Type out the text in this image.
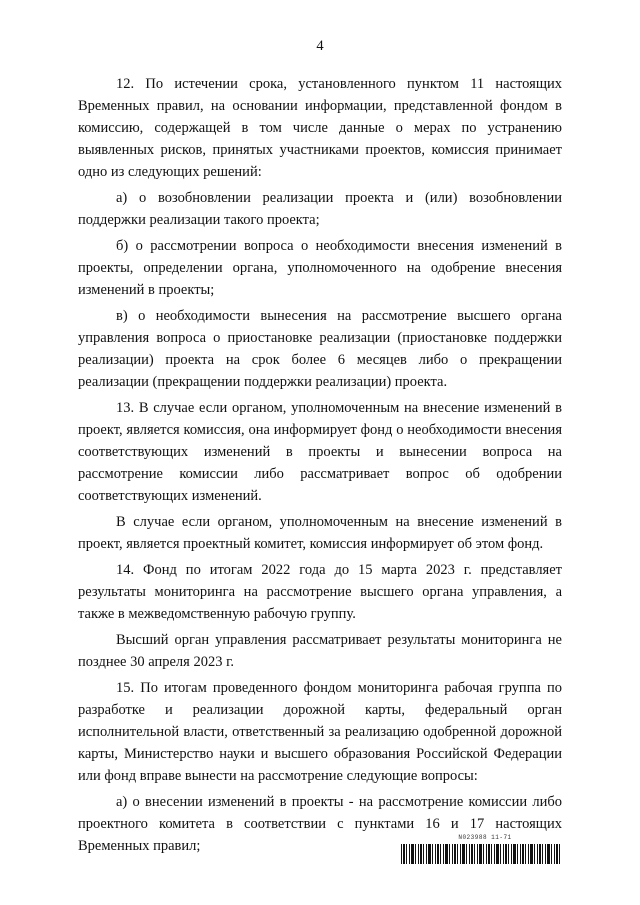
4

12. По истечении срока, установленного пунктом 11 настоящих Временных правил, на основании информации, представленной фондом в комиссию, содержащей в том числе данные о мерах по устранению выявленных рисков, принятых участниками проектов, комиссия принимает одно из следующих решений:

а) о возобновлении реализации проекта и (или) возобновлении поддержки реализации такого проекта;

б) о рассмотрении вопроса о необходимости внесения изменений в проекты, определении органа, уполномоченного на одобрение внесения изменений в проекты;

в) о необходимости вынесения на рассмотрение высшего органа управления вопроса о приостановке реализации (приостановке поддержки реализации) проекта на срок более 6 месяцев либо о прекращении реализации (прекращении поддержки реализации) проекта.

13. В случае если органом, уполномоченным на внесение изменений в проект, является комиссия, она информирует фонд о необходимости внесения соответствующих изменений в проекты и вынесении вопроса на рассмотрение комиссии либо рассматривает вопрос об одобрении соответствующих изменений.

В случае если органом, уполномоченным на внесение изменений в проект, является проектный комитет, комиссия информирует об этом фонд.

14. Фонд по итогам 2022 года до 15 марта 2023 г. представляет результаты мониторинга на рассмотрение высшего органа управления, а также в межведомственную рабочую группу.

Высший орган управления рассматривает результаты мониторинга не позднее 30 апреля 2023 г.

15. По итогам проведенного фондом мониторинга рабочая группа по разработке и реализации дорожной карты, федеральный орган исполнительной власти, ответственный за реализацию одобренной дорожной карты, Министерство науки и высшего образования Российской Федерации или фонд вправе вынести на рассмотрение следующие вопросы:

а) о внесении изменений в проекты - на рассмотрение комиссии либо проектного комитета в соответствии с пунктами 16 и 17 настоящих Временных правил;

N023988 11-71
